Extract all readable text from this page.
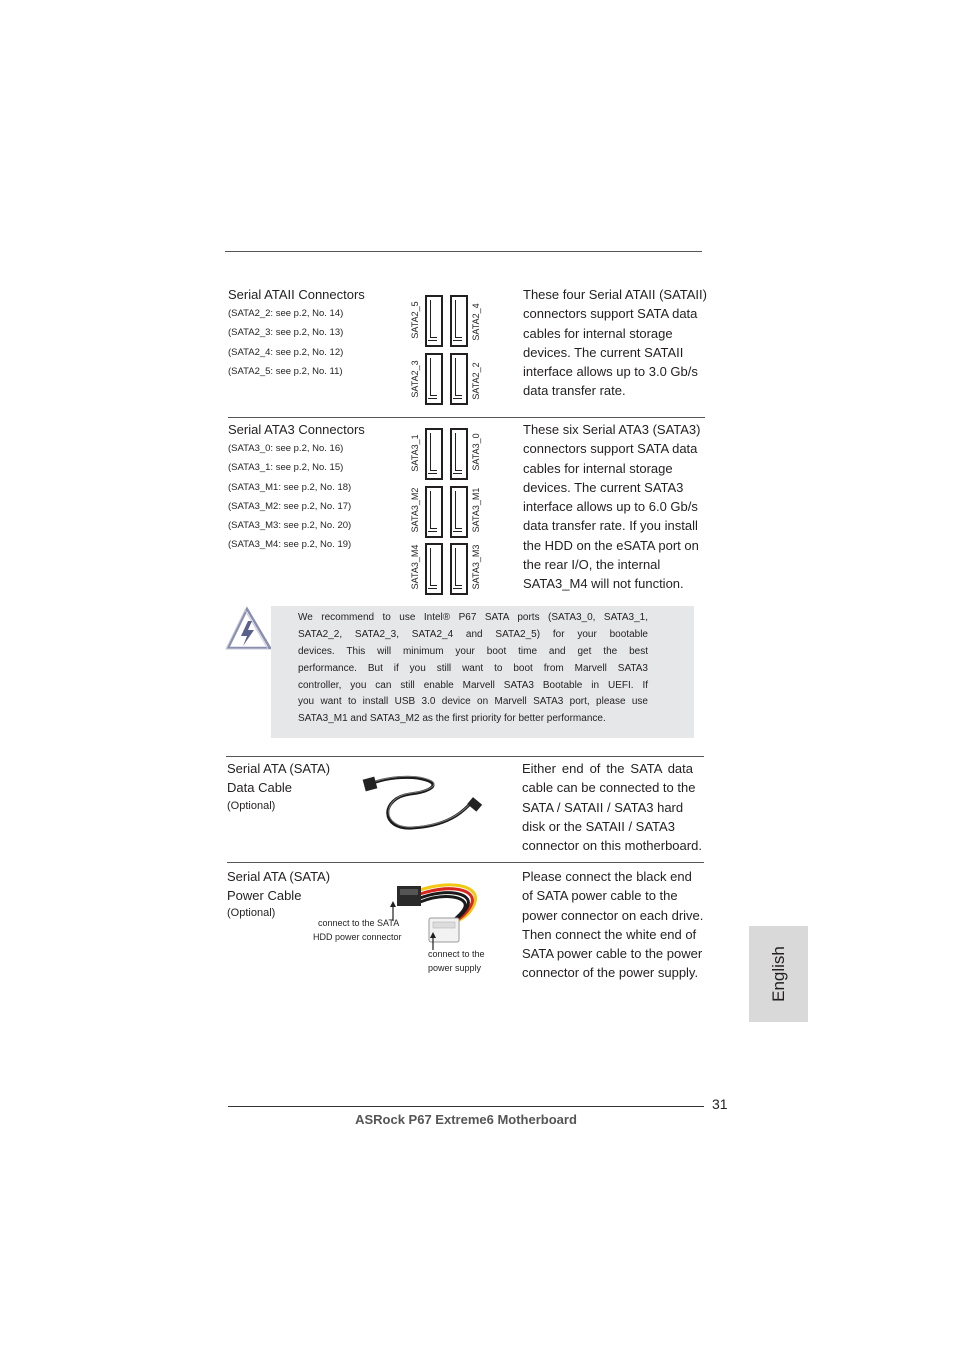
Serial ATAII Connectors
(SATA2_2: see p.2, No. 14)
(SATA2_3: see p.2, No. 13)
(SATA2_4: see p.2, No. 12)
(SATA2_5: see p.2, No. 11)
SATA2_5	SATA2_4
SATA2_3	SATA2_2
These four Serial ATAII (SATAII)
connectors support SATA data
cables for internal storage
devices. The current SATAII
interface allows up to 3.0 Gb/s
data transfer rate.
Serial ATA3 Connectors
(SATA3_0: see p.2, No. 16)
(SATA3_1: see p.2, No. 15)
(SATA3_M1: see p.2, No. 18)
(SATA3_M2: see p.2, No. 17)
(SATA3_M3: see p.2, No. 20)
(SATA3_M4: see p.2, No. 19)
SATA3_1	SATA3_0
SATA3_M2	SATA3_M1
SATA3_M4	SATA3_M3
These six Serial ATA3 (SATA3)
connectors support SATA data
cables for internal storage
devices. The current SATA3
interface allows up to 6.0 Gb/s
data transfer rate. If you install
the HDD on the eSATA port on
the rear I/O, the internal
SATA3_M4 will not function.
We recommend to use Intel® P67 SATA ports (SATA3_0, SATA3_1,
SATA2_2, SATA2_3, SATA2_4 and SATA2_5) for your bootable
devices. This will minimum your boot time and get the best
performance. But if you still want to boot from Marvell SATA3
controller, you can still enable Marvell SATA3 Bootable in UEFI. If
you want to install USB 3.0 device on Marvell SATA3 port, please use
SATA3_M1 and SATA3_M2 as the first priority for better performance.
Serial ATA (SATA)
Data Cable
(Optional)
Either end of the SATA data
cable can be connected to the
SATA / SATAII / SATA3 hard
disk or the SATAII / SATA3
connector on this motherboard.
Serial ATA (SATA)
Power Cable
(Optional)
connect to the SATA
HDD power connector
connect to the
power supply
Please connect the black end
of SATA power cable to the
power connector on each drive.
Then connect the white end of
SATA power cable to the power
connector of the power supply.	English
31
ASRock P67 Extreme6 Motherboard
